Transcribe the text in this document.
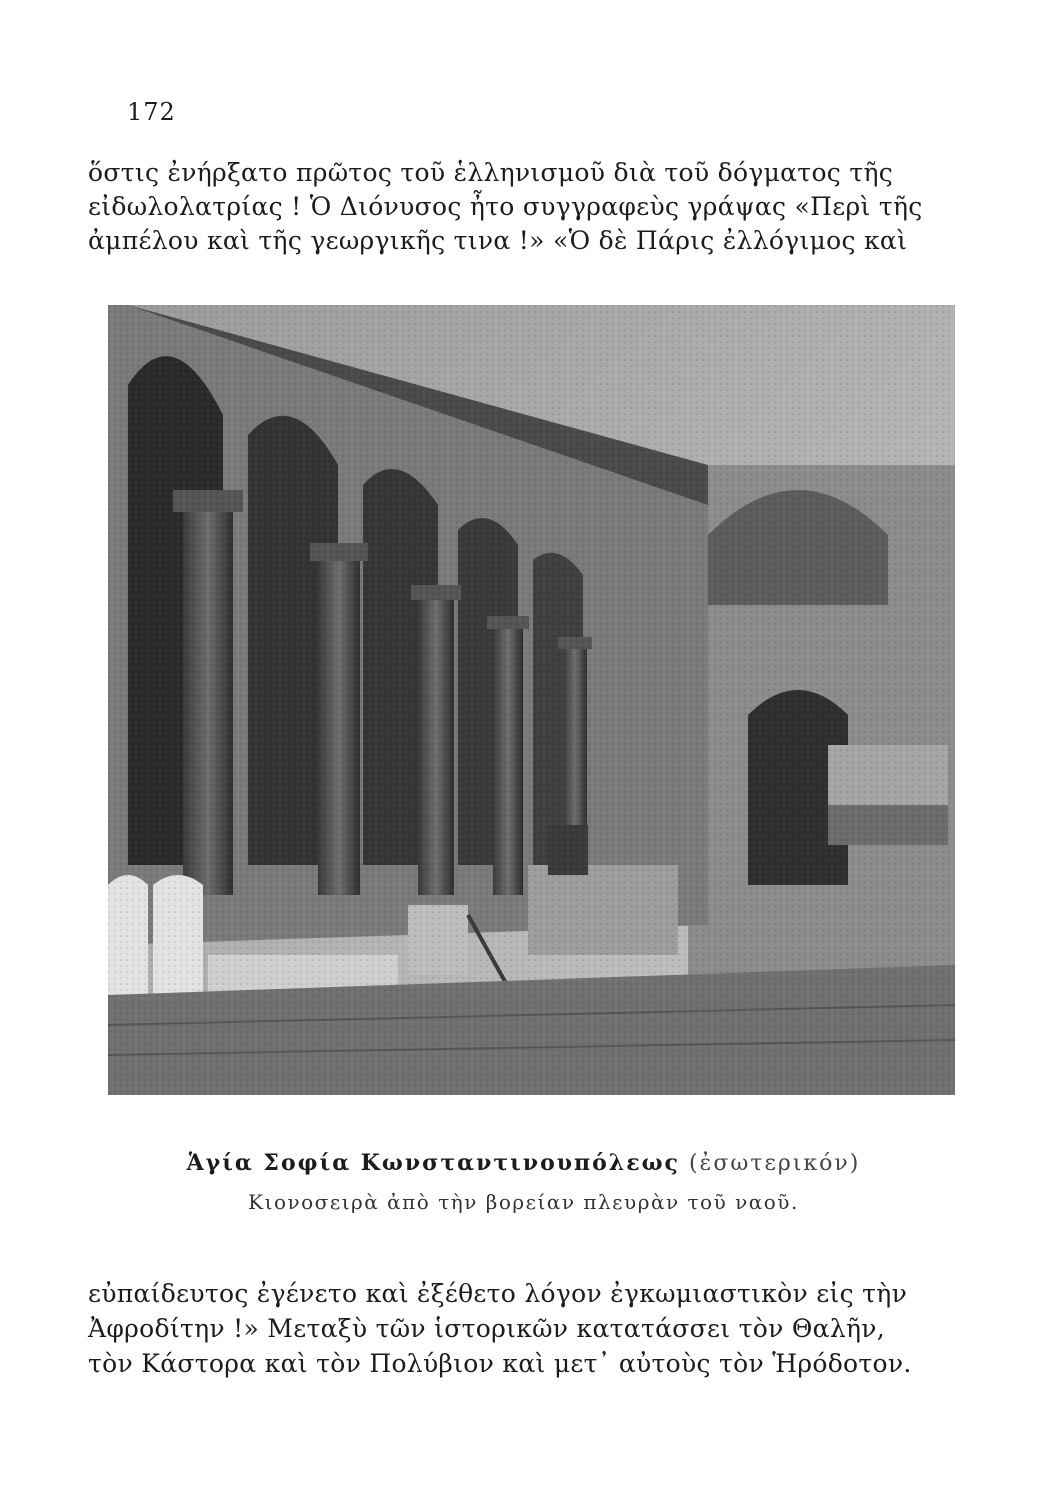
172

ὅστις ἐνήρξατο πρῶτος τοῦ ἑλληνισμοῦ διὰ τοῦ δόγματος τῆς
εἰδωλολατρίας ! Ὁ Διόνυσος ἦτο συγγραφεὺς γράψας «Περὶ τῆς
ἀμπέλου καὶ τῆς γεωργικῆς τινα !» «Ὁ δὲ Πάρις ἐλλόγιμος καὶ

Ἁγία Σοφία Κωνσταντινουπόλεως (ἐσωτερικόν)
Κιονοσειρὰ ἀπὸ τὴν βορείαν πλευρὰν τοῦ ναοῦ.

εὐπαίδευτος ἐγένετο καὶ ἐξέθετο λόγον ἐγκωμιαστικὸν εἰς τὴν
Ἀφροδίτην !» Μεταξὺ τῶν ἱστορικῶν κατατάσσει τὸν Θαλῆν,
τὸν Κάστορα καὶ τὸν Πολύβιον καὶ μετ᾿ αὐτοὺς τὸν Ἡρόδοτον.
